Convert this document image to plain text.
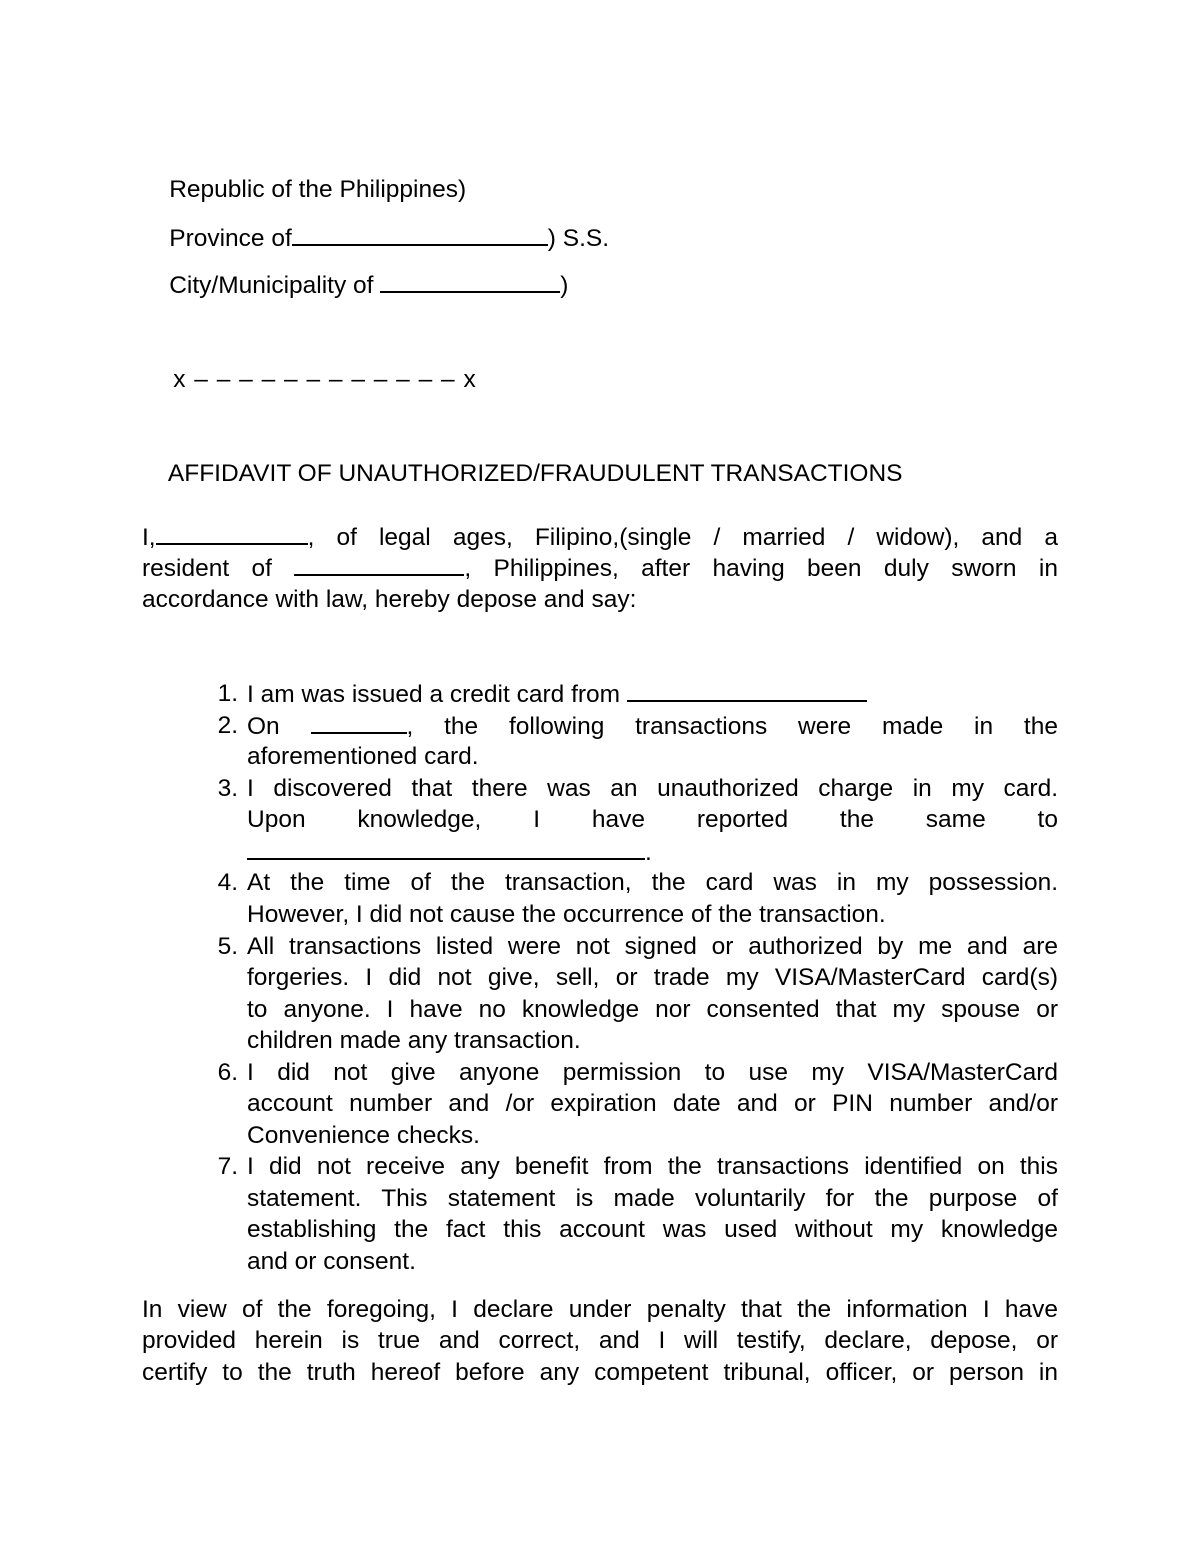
Republic of the Philippines)

Province of	) S.S.

City/Municipality of	)

x – – – – – – – – – – – – x

AFFIDAVIT OF UNAUTHORIZED/FRAUDULENT TRANSACTIONS

I,	, of legal ages, Filipino,(single / married / widow), and a
resident of	, Philippines, after having been duly sworn in
accordance with law, hereby depose and say:
1. I am was issued a credit card from
2. On	, the following transactions were made in the
aforementioned card.
3. I discovered that there was an unauthorized charge in my card.
Upon knowledge, I have reported the same to
.
4. At the time of the transaction, the card was in my possession.
However, I did not cause the occurrence of the transaction.
5. All transactions listed were not signed or authorized by me and are
forgeries. I did not give, sell, or trade my VISA/MasterCard card(s)
to anyone. I have no knowledge nor consented that my spouse or
children made any transaction.
6. I did not give anyone permission to use my VISA/MasterCard
account number and /or expiration date and or PIN number and/or
Convenience checks.
7. I did not receive any benefit from the transactions identified on this
statement. This statement is made voluntarily for the purpose of
establishing the fact this account was used without my knowledge
and or consent.
In view of the foregoing, I declare under penalty that the information I have
provided herein is true and correct, and I will testify, declare, depose, or
certify to the truth hereof before any competent tribunal, officer, or person in
